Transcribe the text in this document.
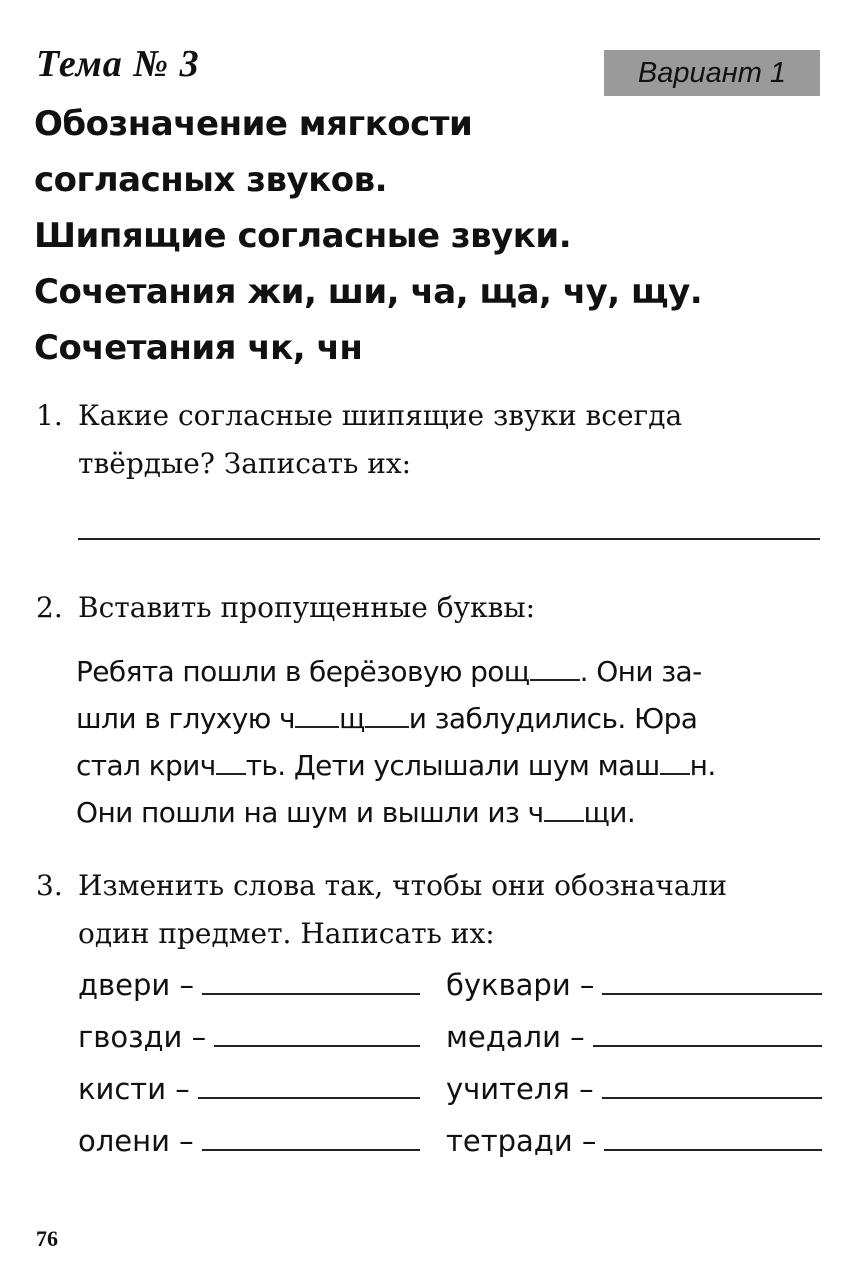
Тема № 3	Вариант 1
Обозначение мягкости
согласных звуков.
Шипящие согласные звуки.
Сочетания жи, ши, ча, ща, чу, щу.
Сочетания чк, чн
1. Какие согласные шипящие звуки всегда
твёрдые? Записать их:
2. Вставить пропущенные буквы:
Ребята пошли в берёзовую рощ . Они за-
шли в глухую ч щ и заблудились. Юра
стал крич ть. Дети услышали шум маш н.
Они пошли на шум и вышли из ч щи.
3. Изменить слова так, чтобы они обозначали
один предмет. Написать их:
двери –
гвозди –
кисти –
олени –
буквари –
медали –
учителя –
тетради –
76
